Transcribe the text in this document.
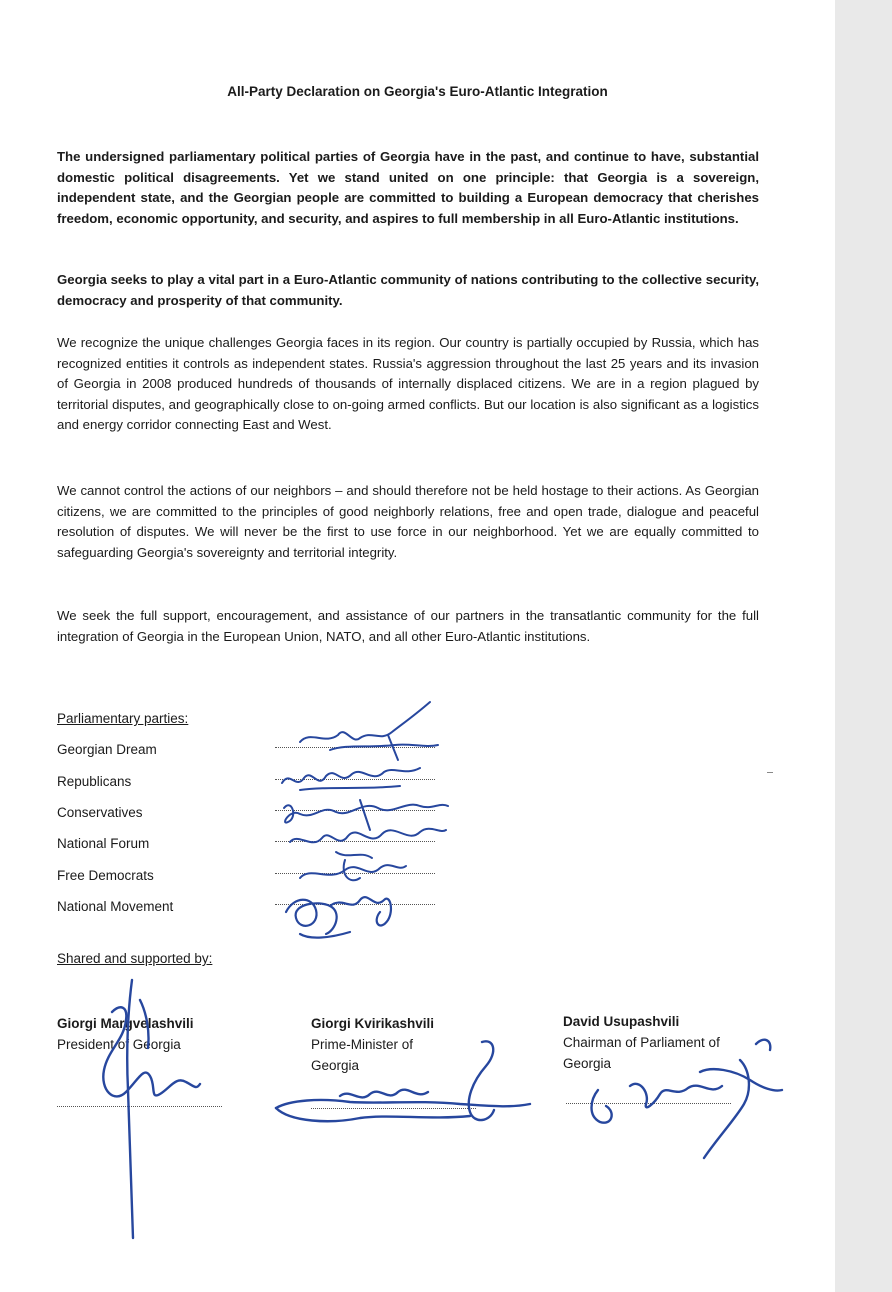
All-Party Declaration on Georgia's Euro-Atlantic Integration

The undersigned parliamentary political parties of Georgia have in the past, and continue to have, substantial domestic political disagreements. Yet we stand united on one principle: that Georgia is a sovereign, independent state, and the Georgian people are committed to building a European democracy that cherishes freedom, economic opportunity, and security, and aspires to full membership in all Euro-Atlantic institutions.

Georgia seeks to play a vital part in a Euro-Atlantic community of nations contributing to the collective security, democracy and prosperity of that community.

We recognize the unique challenges Georgia faces in its region. Our country is partially occupied by Russia, which has recognized entities it controls as independent states. Russia's aggression throughout the last 25 years and its invasion of Georgia in 2008 produced hundreds of thousands of internally displaced citizens. We are in a region plagued by territorial disputes, and geographically close to on-going armed conflicts. But our location is also significant as a logistics and energy corridor connecting East and West.

We cannot control the actions of our neighbors – and should therefore not be held hostage to their actions. As Georgian citizens, we are committed to the principles of good neighborly relations, free and open trade, dialogue and peaceful resolution of disputes. We will never be the first to use force in our neighborhood. Yet we are equally committed to safeguarding Georgia's sovereignty and territorial integrity.

We seek the full support, encouragement, and assistance of our partners in the transatlantic community for the full integration of Georgia in the European Union, NATO, and all other Euro-Atlantic institutions.

Parliamentary parties:
Georgian Dream
Republicans
Conservatives
National Forum
Free Democrats
National Movement
Shared and supported by:
Giorgi Margvelashvili
President of Georgia
Giorgi Kvirikashvili
Prime-Minister of
Georgia
David Usupashvili
Chairman of Parliament of
Georgia
